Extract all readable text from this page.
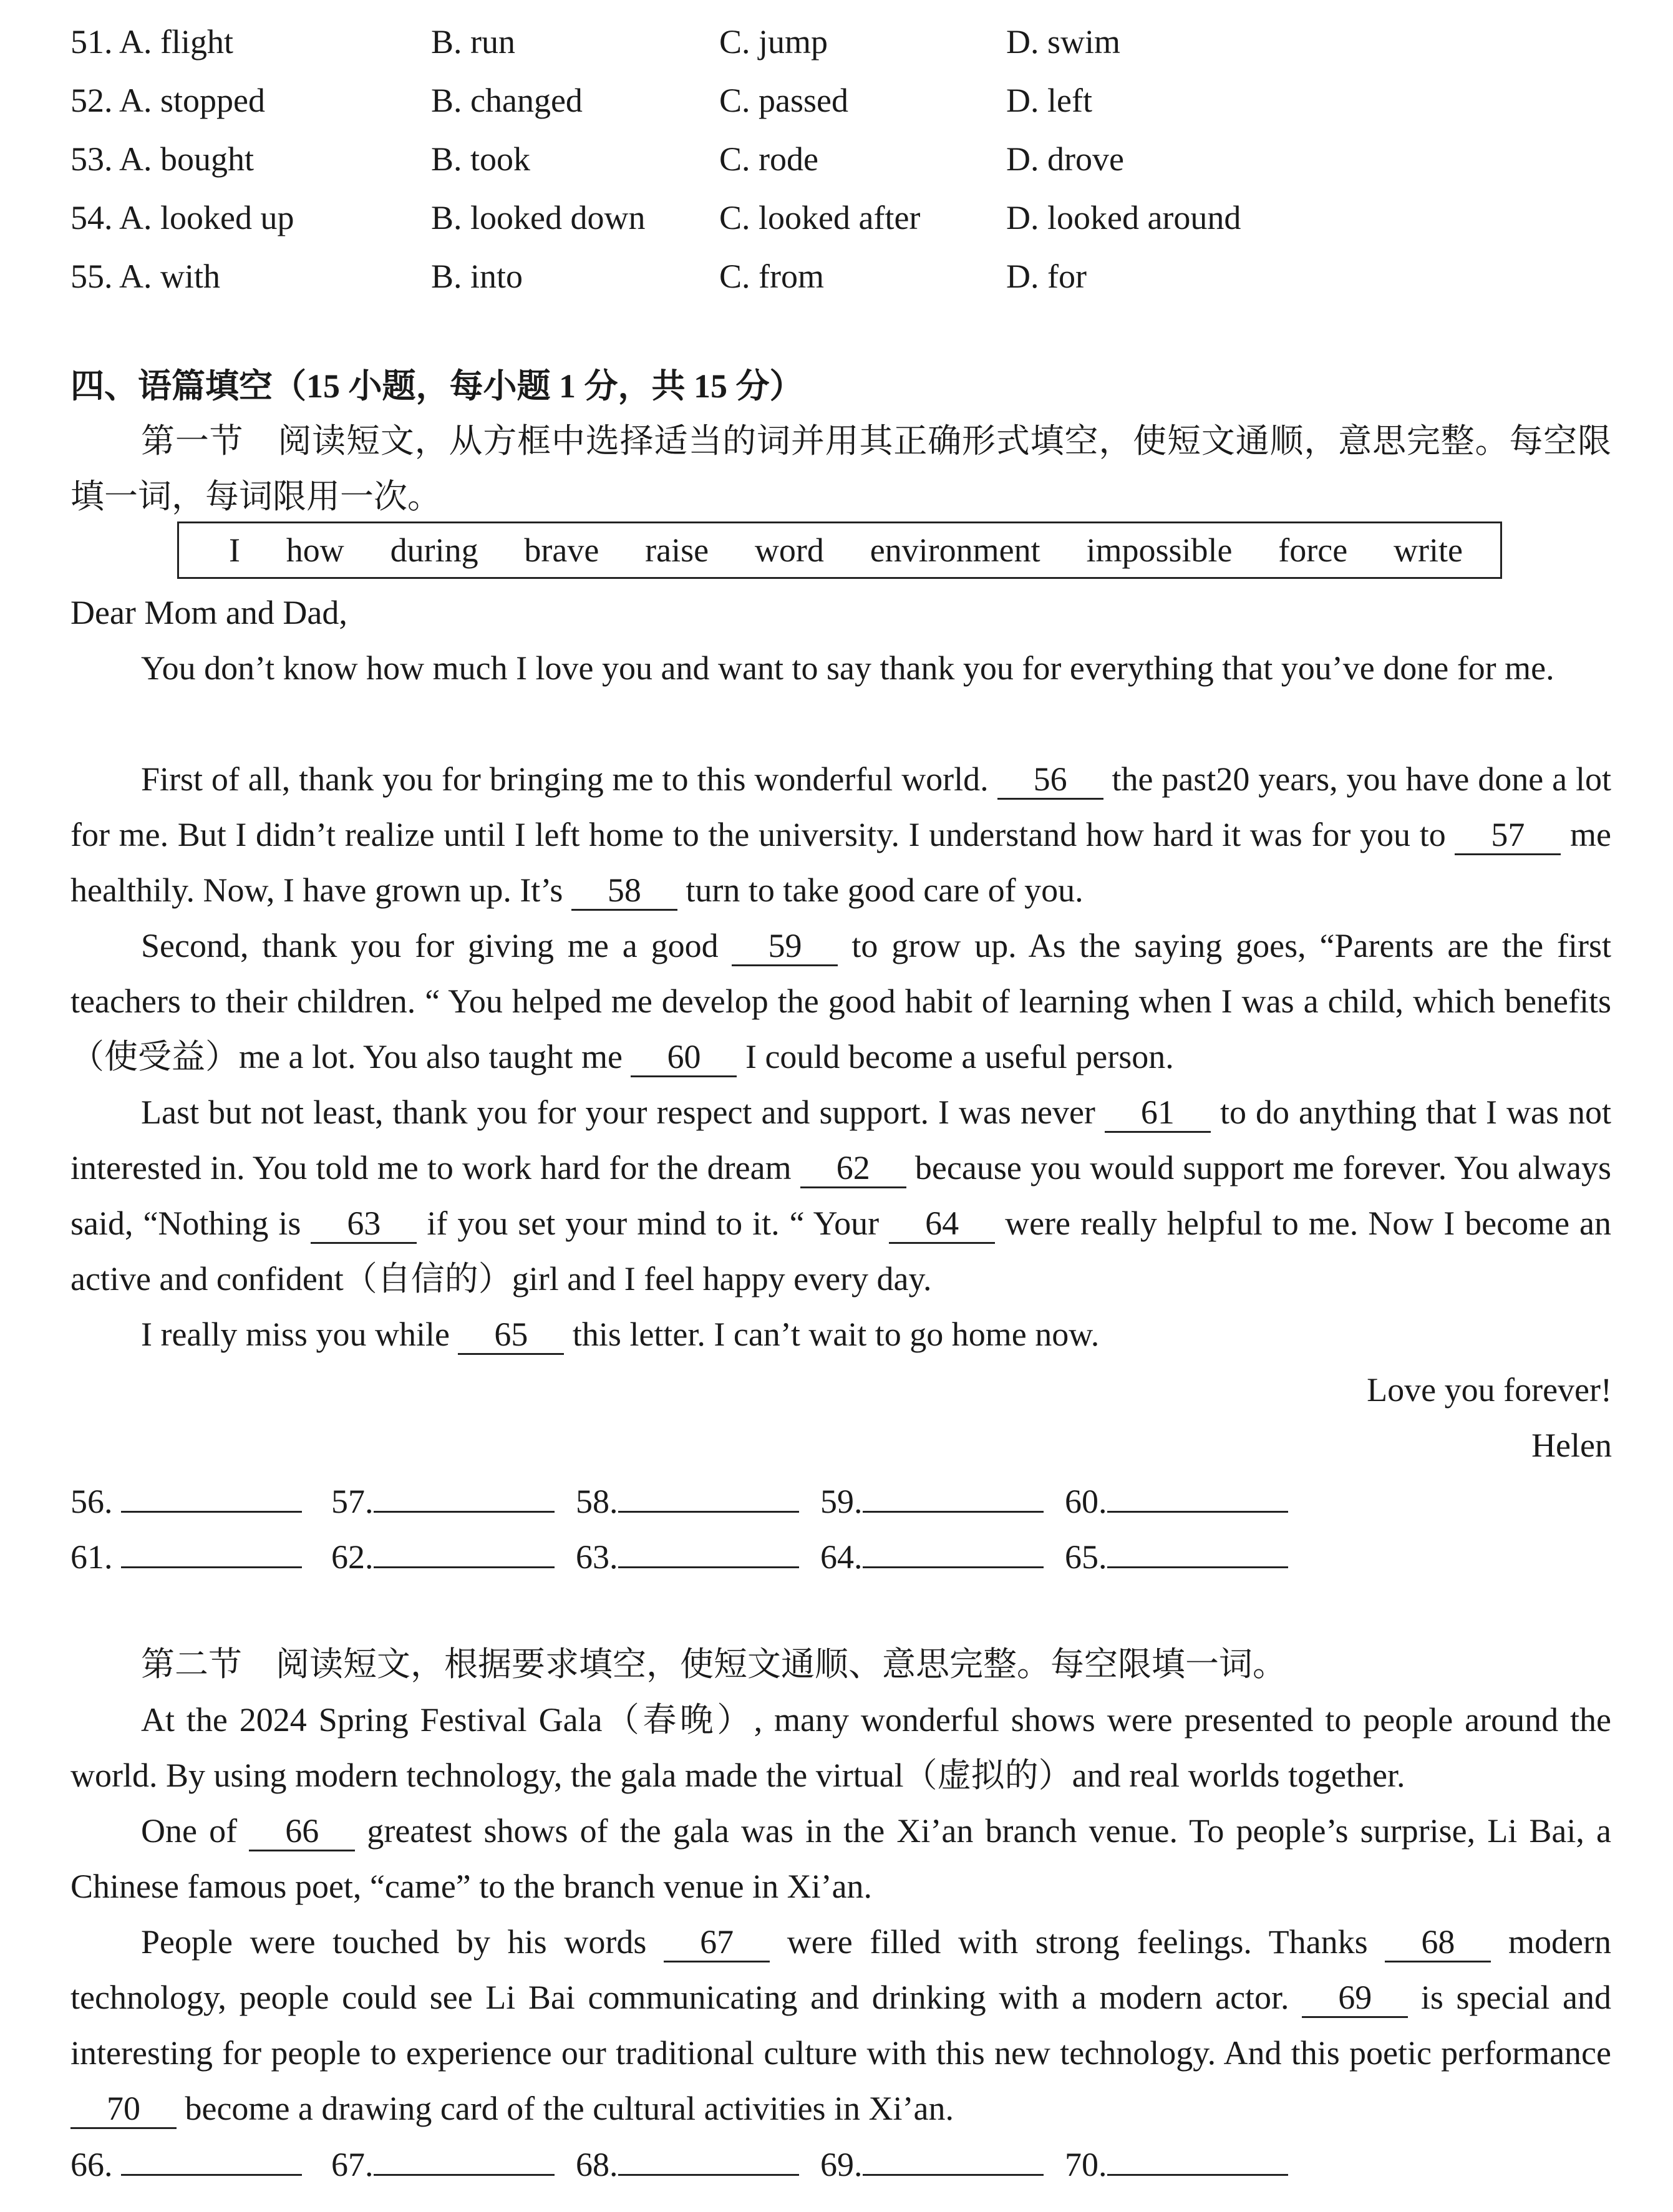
51. A. flight	B. run	C. jump	D. swim
52. A. stopped	B. changed	C. passed	D. left
53. A. bought	B. took	C. rode	D. drove
54. A. looked up	B. looked down C. looked after	D. looked around
55. A. with	B. into	C. from	D. for
四、语篇填空（15 小题，每小题 1 分，共 15 分）
第一节　阅读短文，从方框中选择适当的词并用其正确形式填空，使短文通顺，意思完整。每空限填一词，每词限用一次。
I how during brave raise word environment impossible force write
Dear Mom and Dad,
You don’t know how much I love you and want to say thank you for everything that you’ve done for me.
First of all, thank you for bringing me to this wonderful world. 56 the past20 years, you have done a lot for me. But I didn’t realize until I left home to the university. I understand how hard it was for you to 57 me healthily. Now, I have grown up. It’s 58 turn to take good care of you.
Second, thank you for giving me a good 59 to grow up. As the saying goes, “Parents are the first teachers to their children. “ You helped me develop the good habit of learning when I was a child, which benefits（使受益）me a lot. You also taught me 60 I could become a useful person.
Last but not least, thank you for your respect and support. I was never 61 to do anything that I was not interested in. You told me to work hard for the dream 62 because you would support me forever. You always said, “Nothing is 63 if you set your mind to it. “ Your 64 were really helpful to me. Now I become an active and confident（自信的）girl and I feel happy every day.
I really miss you while 65 this letter. I can’t wait to go home now.
Love you forever!
Helen
56.	57.	58.	59.	60.
61.	62.	63.	64.	65.
第二节　阅读短文，根据要求填空，使短文通顺、意思完整。每空限填一词。
At the 2024 Spring Festival Gala（春晚）, many wonderful shows were presented to people around the world. By using modern technology, the gala made the virtual（虚拟的）and real worlds together.
One of 66 greatest shows of the gala was in the Xi’an branch venue. To people’s surprise, Li Bai, a Chinese famous poet, “came” to the branch venue in Xi’an.
People were touched by his words 67 were filled with strong feelings. Thanks 68 modern technology, people could see Li Bai communicating and drinking with a modern actor. 69 is special and interesting for people to experience our traditional culture with this new technology. And this poetic performance 70 become a drawing card of the cultural activities in Xi’an.
66.	67.	68.	69.	70.
